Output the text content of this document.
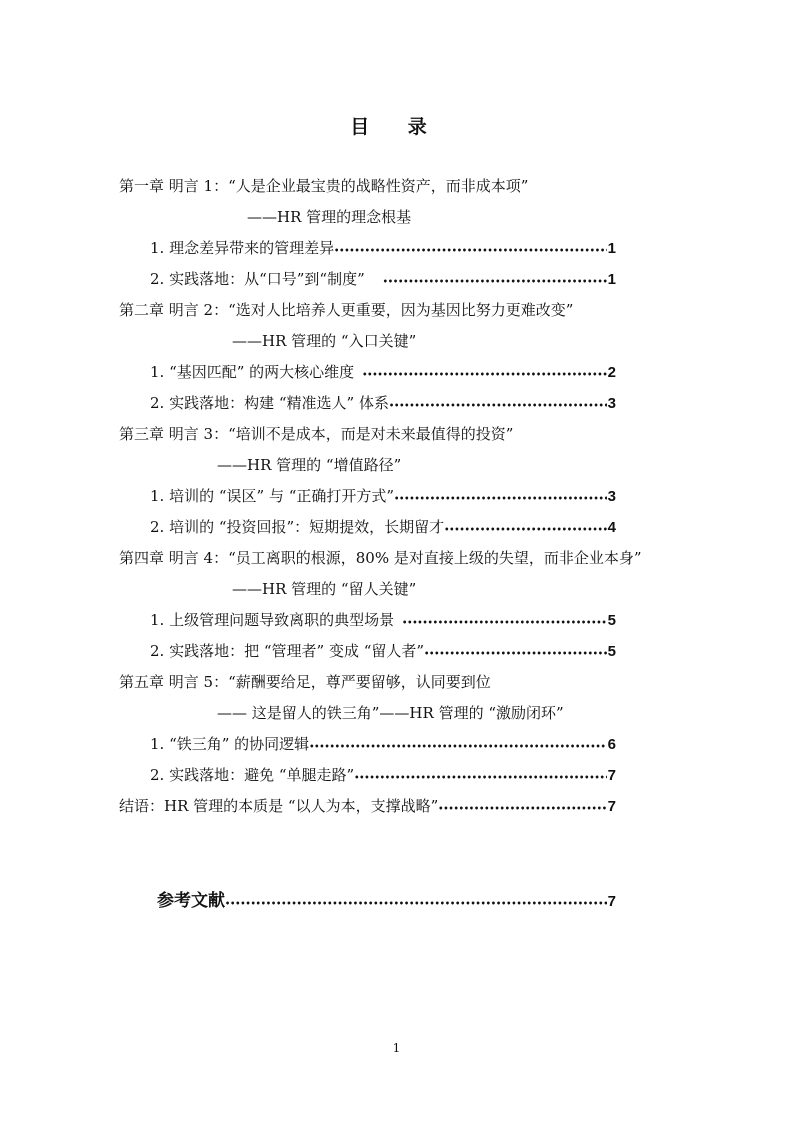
目 录
第一章 明言 1：“人是企业最宝贵的战略性资产，而非成本项”
——HR 管理的理念根基
1. 理念差异带来的管理差异 •••••	1
2. 实践落地：从“口号”到“制度” •••••	1
第二章 明言 2：“选对人比培养人更重要，因为基因比努力更难改变”
——HR 管理的 “入口关键”
1. “基因匹配” 的两大核心维度 •••••	2
2. 实践落地：构建 “精准选人” 体系 •••••	3
第三章 明言 3：“培训不是成本，而是对未来最值得的投资”
——HR 管理的 “增值路径”
1. 培训的 “误区” 与 “正确打开方式” •••••	3
2. 培训的 “投资回报”：短期提效，长期留才 •••••	4
第四章 明言 4：“员工离职的根源，80% 是对直接上级的失望，而非企业本身”
——HR 管理的 “留人关键”
1. 上级管理问题导致离职的典型场景 •••••	5
2. 实践落地：把 “管理者” 变成 “留人者” •••••	5
第五章 明言 5：“薪酬要给足，尊严要留够，认同要到位
—— 这是留人的铁三角”——HR 管理的 “激励闭环”
1. “铁三角” 的协同逻辑 •••••	6
2. 实践落地：避免 “单腿走路” •••••	7
结语：HR 管理的本质是 “以人为本，支撑战略” •••••	7
参考文献 •••••	7
1
